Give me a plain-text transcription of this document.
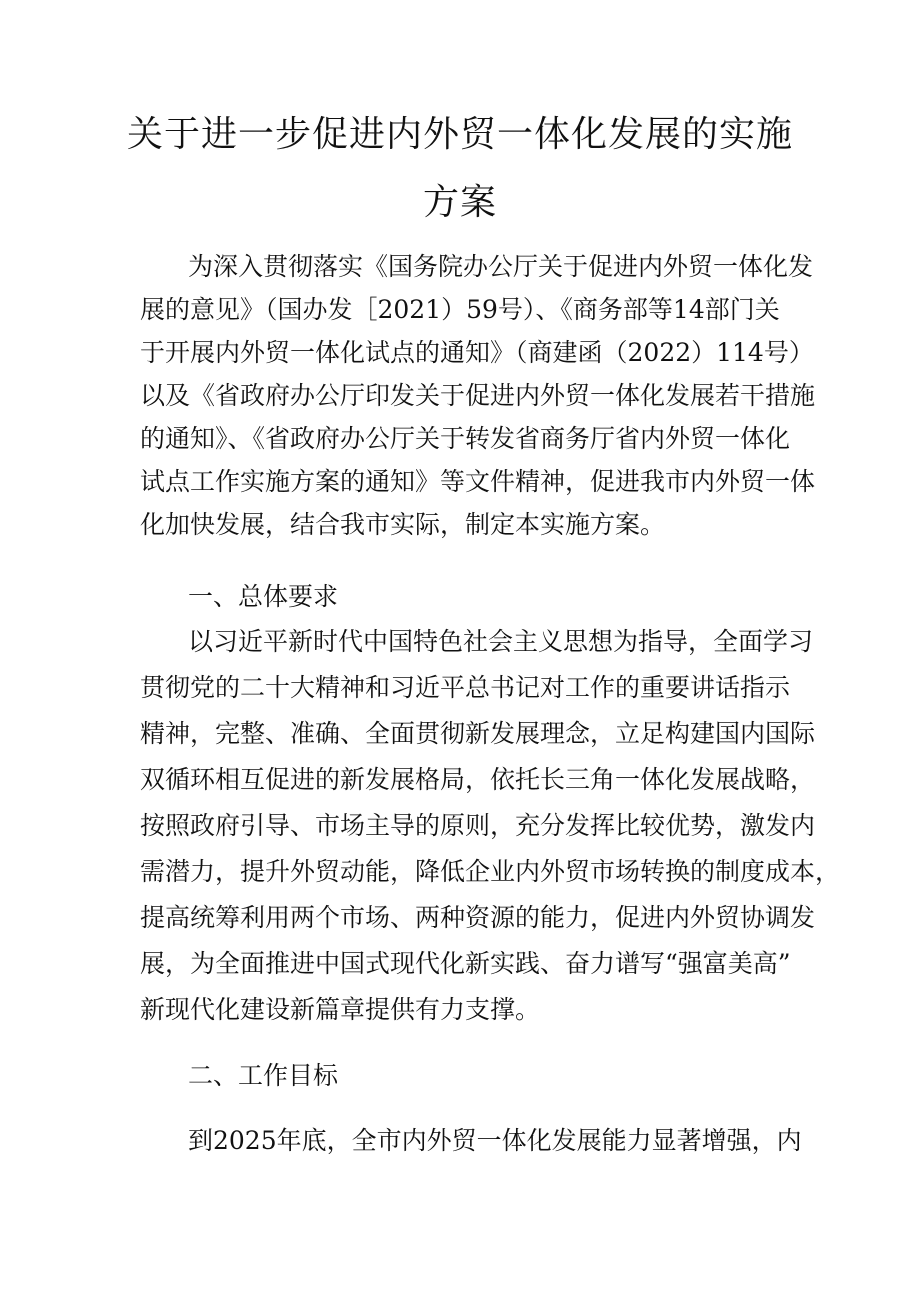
关于进一步促进内外贸一体化发展的实施
方案
为深入贯彻落实《国务院办公厅关于促进内外贸一体化发
展的意见》（国办发［2021）59号）、《商务部等14部门关
于开展内外贸一体化试点的通知》（商建函（2022）114号）
以及《省政府办公厅印发关于促进内外贸一体化发展若干措施
的通知》、《省政府办公厅关于转发省商务厅省内外贸一体化
试点工作实施方案的通知》等文件精神，促进我市内外贸一体
化加快发展，结合我市实际，制定本实施方案。
一、总体要求
以习近平新时代中国特色社会主义思想为指导，全面学习
贯彻党的二十大精神和习近平总书记对工作的重要讲话指示
精神，完整、准确、全面贯彻新发展理念，立足构建国内国际
双循环相互促进的新发展格局，依托长三角一体化发展战略，
按照政府引导、市场主导的原则，充分发挥比较优势，激发内
需潜力，提升外贸动能，降低企业内外贸市场转换的制度成本，
提高统筹利用两个市场、两种资源的能力，促进内外贸协调发
展，为全面推进中国式现代化新实践、奋力谱写“强富美高”
新现代化建设新篇章提供有力支撑。
二、工作目标
到2025年底，全市内外贸一体化发展能力显著增强，内
